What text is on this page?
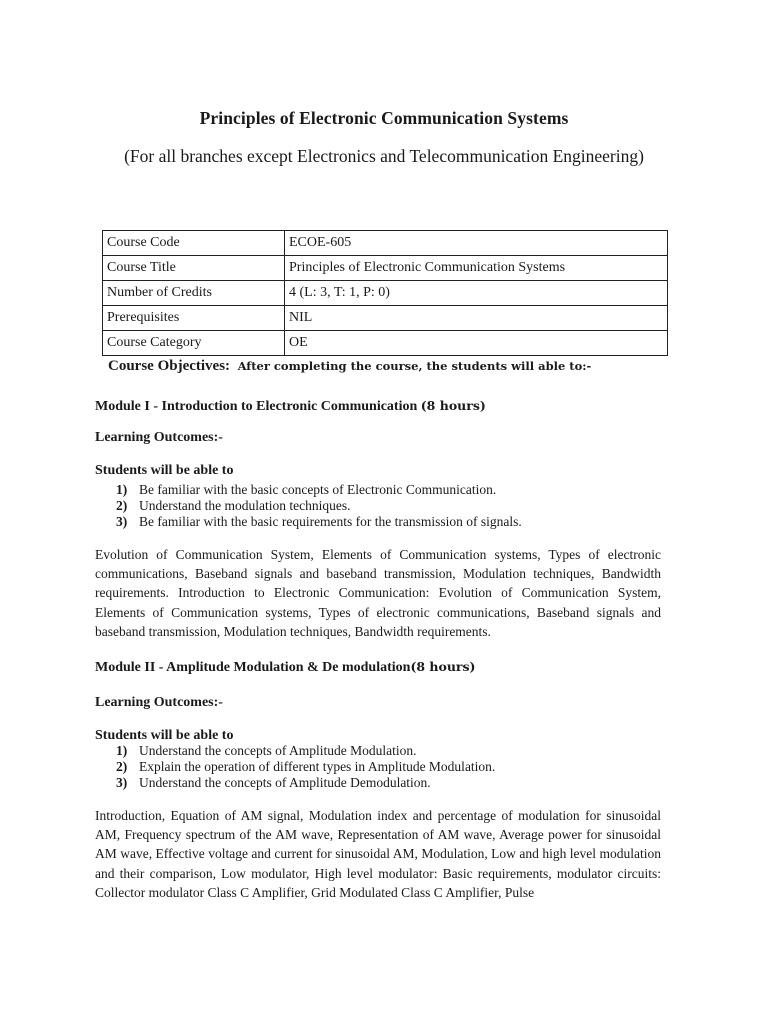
Principles of Electronic Communication Systems
(For all branches except Electronics and Telecommunication Engineering)
Course Code	ECOE-605
Course Title	Principles of Electronic Communication Systems
Number of Credits	4 (L: 3, T: 1, P: 0)
Prerequisites	NIL
Course Category	OE
Course Objectives: After completing the course, the students will able to:-
Module I - Introduction to Electronic Communication (8 hours)
Learning Outcomes:-
Students will be able to
1) Be familiar with the basic concepts of Electronic Communication.
2) Understand the modulation techniques.
3) Be familiar with the basic requirements for the transmission of signals.
Evolution of Communication System, Elements of Communication systems, Types of electronic communications, Baseband signals and baseband transmission, Modulation techniques, Bandwidth requirements. Introduction to Electronic Communication: Evolution of Communication System, Elements of Communication systems, Types of electronic communications, Baseband signals and baseband transmission, Modulation techniques, Bandwidth requirements.
Module II - Amplitude Modulation & De modulation(8 hours)
Learning Outcomes:-
Students will be able to
1) Understand the concepts of Amplitude Modulation.
2) Explain the operation of different types in Amplitude Modulation.
3) Understand the concepts of Amplitude Demodulation.
Introduction, Equation of AM signal, Modulation index and percentage of modulation for sinusoidal AM, Frequency spectrum of the AM wave, Representation of AM wave, Average power for sinusoidal AM wave, Effective voltage and current for sinusoidal AM, Modulation, Low and high level modulation and their comparison, Low modulator, High level modulator: Basic requirements, modulator circuits: Collector modulator Class C Amplifier, Grid Modulated Class C Amplifier, Pulse
